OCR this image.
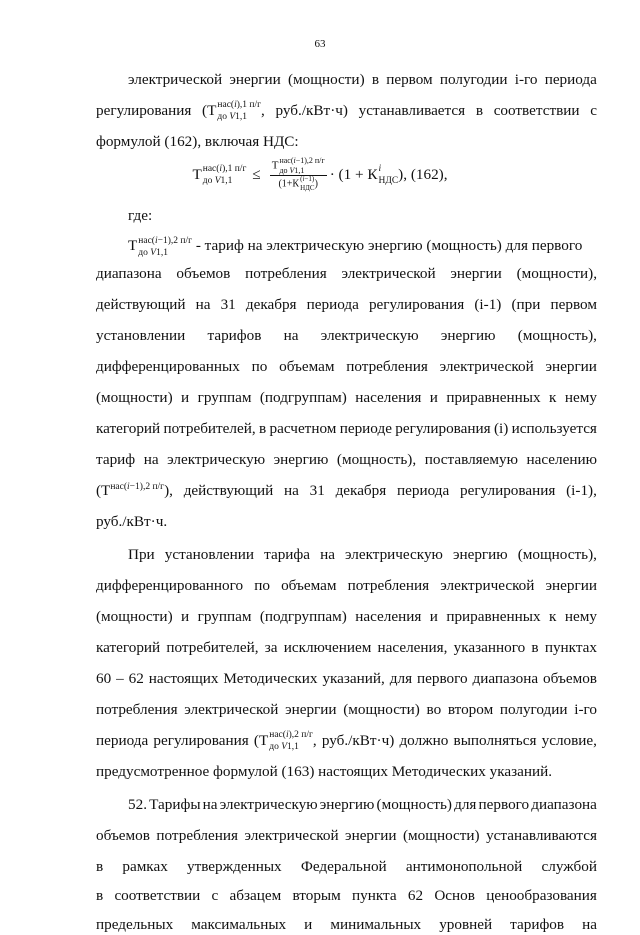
63
электрической энергии (мощности) в первом полугодии i-го периода
регулирования (Т нас(i),1 п/г
до V1,1 , руб./кВт·ч) устанавливается в соответствии с
формулой (162), включая НДС:
Т нас(i),1 п/г
до V1,1	≤ Т нас(i−1),2 п/г
до V1,1
(1+К (i−1)
НДС ) · (1 + К i
НДС ), (162),
где:
Т нас(i−1),2 п/г
до V1,1	- тариф на электрическую энергию (мощность) для первого
диапазона объемов потребления электрической энергии (мощности),
действующий на 31 декабря периода регулирования (i-1) (при первом
установлении тарифов на электрическую энергию (мощность),
дифференцированных по объемам потребления электрической энергии
(мощности) и группам (подгруппам) населения и приравненных к нему
категорий потребителей, в расчетном периоде регулирования (i) используется
тариф на электрическую энергию (мощность), поставляемую населению
(Т нас(i−1),2 п/г ), действующий на 31 декабря периода регулирования (i-1),
руб./кВт·ч.
При установлении тарифа на электрическую энергию (мощность),
дифференцированного по объемам потребления электрической энергии
(мощности) и группам (подгруппам) населения и приравненных к нему
категорий потребителей, за исключением населения, указанного в пунктах
60 – 62 настоящих Методических указаний, для первого диапазона объемов
потребления электрической энергии (мощности) во втором полугодии i-го
периода регулирования (Т нас(i),2 п/г
до V1,1 , руб./кВт·ч) должно выполняться условие,
предусмотренное формулой (163) настоящих Методических указаний.
52. Тарифы на электрическую энергию (мощность) для первого диапазона
объемов потребления электрической энергии (мощности) устанавливаются
в рамках утвержденных Федеральной антимонопольной службой
в соответствии с абзацем вторым пункта 62 Основ ценообразования
предельных максимальных и минимальных уровней тарифов на
